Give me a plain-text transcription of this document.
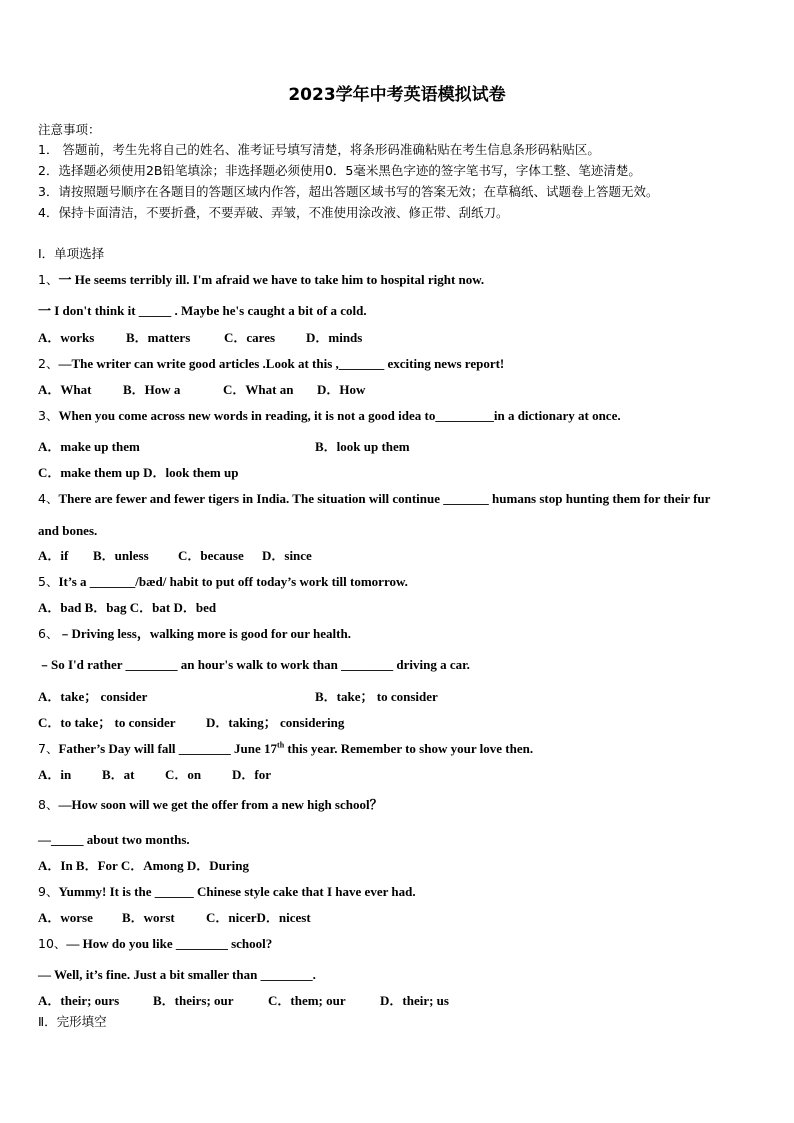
2023学年中考英语模拟试卷
注意事项：
1． 答题前，考生先将自己的姓名、准考证号填写清楚，将条形码准确粘贴在考生信息条形码粘贴区。
2．选择题必须使用2B铅笔填涂；非选择题必须使用0．5毫米黑色字迹的签字笔书写，字体工整、笔迹清楚。
3．请按照题号顺序在各题目的答题区域内作答，超出答题区域书写的答案无效；在草稿纸、试题卷上答题无效。
4．保持卡面清洁，不要折叠，不要弄破、弄皱，不准使用涂改液、修正带、刮纸刀。
Ⅰ．单项选择
1、一 He seems terribly ill. I'm afraid we have to take him to hospital right now.
一 I don't think it _____ . Maybe he's caught a bit of a cold.
A．works B．matters	C．cares D．minds
2、—The writer can write good articles .Look at this ,_______ exciting news report!
A．What B．How a	C．What an D．How
3、When you come across new words in reading, it is not a good idea to_________in a dictionary at once.
A．make up them	B．look up them
C．make them up D．look them up
4、There are fewer and fewer tigers in India. The situation will continue _______ humans stop hunting them for their fur
and bones.
A．if B．unless C．because D．since
5、It’s a _______/bæd/ habit to put off today’s work till tomorrow.
A．bad B．bag C．bat D．bed
6、﹣Driving less，walking more is good for our health.
﹣So I'd rather ________ an hour's walk to work than ________ driving a car.
A．take； consider	B．take； to consider
C．to take； to consider D．taking； considering
7、Father’s Day will fall ________ June 17th this year. Remember to show your love then.
A．in B．at C．on D．for
8、—How soon will we get the offer from a new high school？
—_____ about two months.
A．In B．For C．Among D．During
9、Yummy! It is the ______ Chinese style cake that I have ever had.
A．worse B．worst C．nicerD．nicest
10、— How do you like ________ school?
— Well, it’s fine. Just a bit smaller than ________.
A．their; ours	B．theirs; our	C．them; our	D．their; us
Ⅱ．完形填空
